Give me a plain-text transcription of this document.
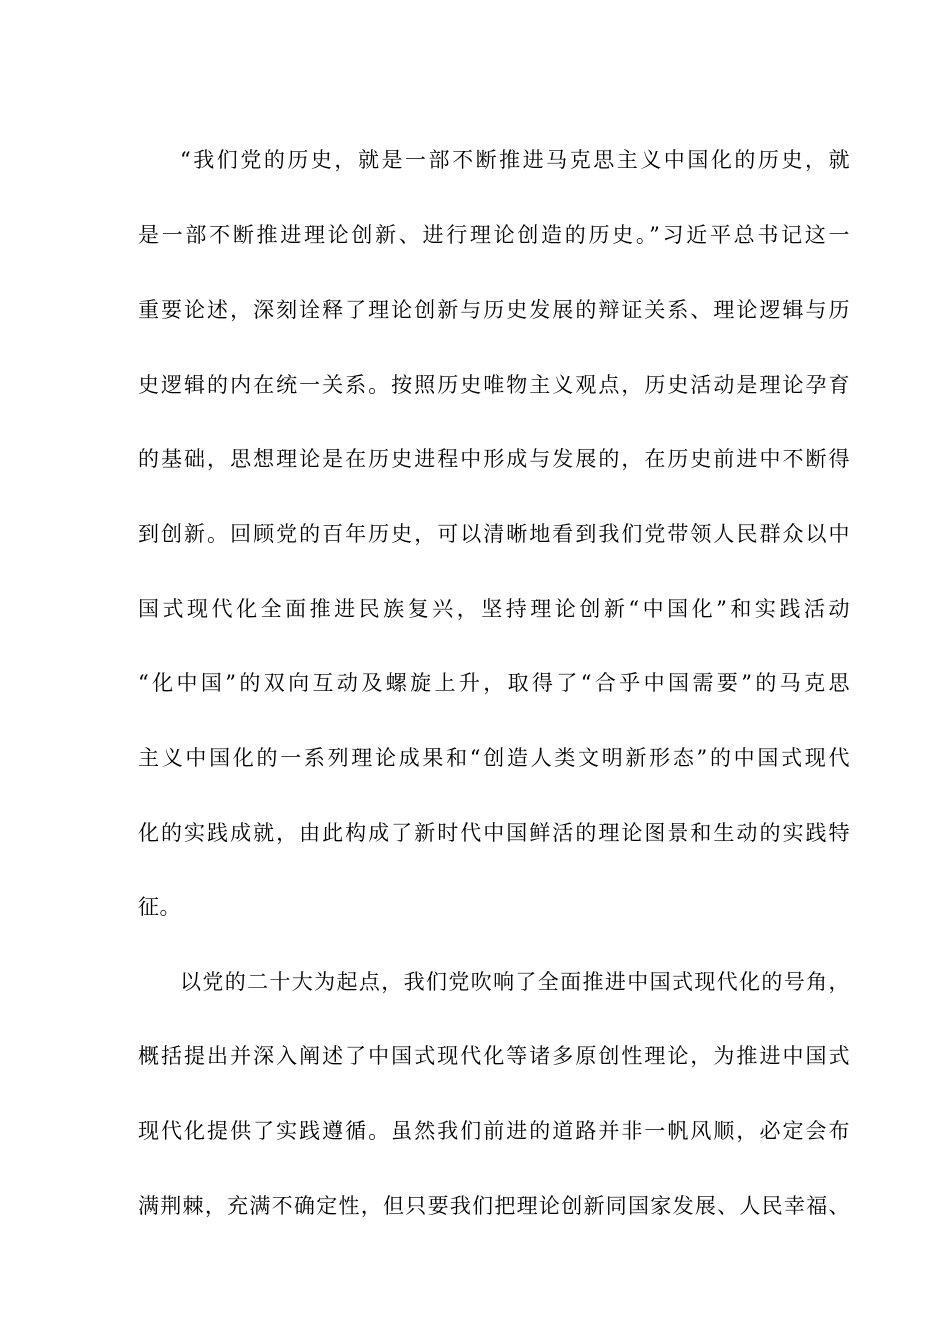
“我们党的历史，就是一部不断推进马克思主义中国化的历史，就
是一部不断推进理论创新、进行理论创造的历史。”习近平总书记这一
重要论述，深刻诠释了理论创新与历史发展的辩证关系、理论逻辑与历
史逻辑的内在统一关系。按照历史唯物主义观点，历史活动是理论孕育
的基础，思想理论是在历史进程中形成与发展的，在历史前进中不断得
到创新。回顾党的百年历史，可以清晰地看到我们党带领人民群众以中
国式现代化全面推进民族复兴，坚持理论创新“中国化”和实践活动
“化中国”的双向互动及螺旋上升，取得了“合乎中国需要”的马克思
主义中国化的一系列理论成果和“创造人类文明新形态”的中国式现代
化的实践成就，由此构成了新时代中国鲜活的理论图景和生动的实践特
征。
以党的二十大为起点，我们党吹响了全面推进中国式现代化的号角，
概括提出并深入阐述了中国式现代化等诸多原创性理论，为推进中国式
现代化提供了实践遵循。虽然我们前进的道路并非一帆风顺，必定会布
满荆棘，充满不确定性，但只要我们把理论创新同国家发展、人民幸福、
